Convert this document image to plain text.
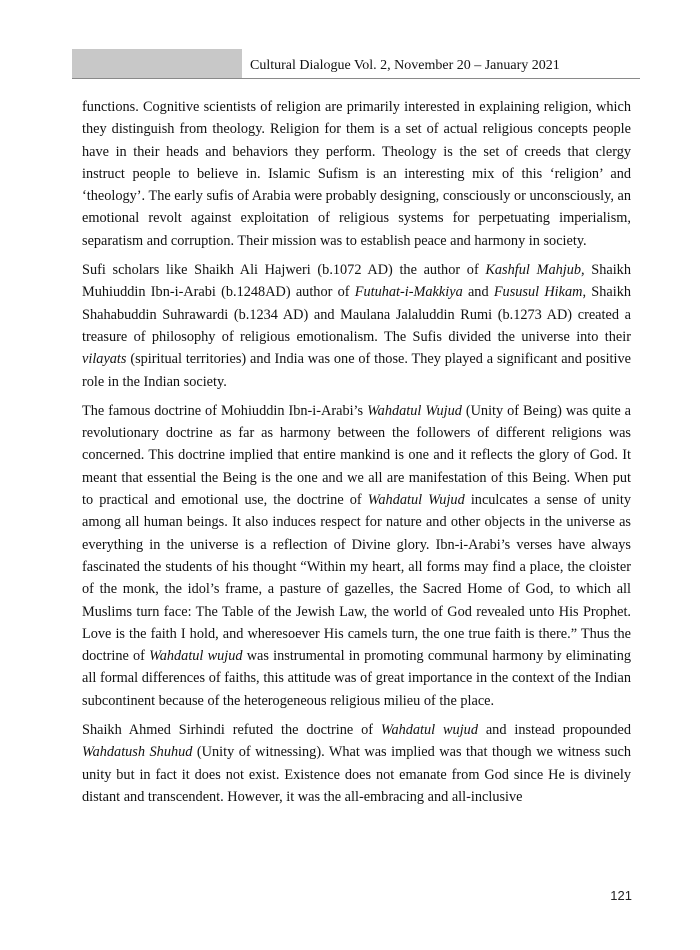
Cultural Dialogue Vol. 2, November 20 – January 2021

functions. Cognitive scientists of religion are primarily interested in explaining religion, which they distinguish from theology. Religion for them is a set of actual religious concepts people have in their heads and behaviors they perform. Theology is the set of creeds that clergy instruct people to believe in. Islamic Sufism is an interesting mix of this ‘religion’ and ‘theology’. The early sufis of Arabia were probably designing, consciously or unconsciously, an emotional revolt against exploitation of religious systems for perpetuating imperialism, separatism and corruption. Their mission was to establish peace and harmony in society.

Sufi scholars like Shaikh Ali Hajweri (b.1072 AD) the author of Kashful Mahjub, Shaikh Muhiuddin Ibn-i-Arabi (b.1248AD) author of Futuhat-i-Makkiya and Fususul Hikam, Shaikh Shahabuddin Suhrawardi (b.1234 AD) and Maulana Jalaluddin Rumi (b.1273 AD) created a treasure of philosophy of religious emotionalism. The Sufis divided the universe into their vilayats (spiritual territories) and India was one of those. They played a significant and positive role in the Indian society.

The famous doctrine of Mohiuddin Ibn-i-Arabi’s Wahdatul Wujud (Unity of Being) was quite a revolutionary doctrine as far as harmony between the followers of different religions was concerned. This doctrine implied that entire mankind is one and it reflects the glory of God. It meant that essential the Being is the one and we all are manifestation of this Being. When put to practical and emotional use, the doctrine of Wahdatul Wujud inculcates a sense of unity among all human beings. It also induces respect for nature and other objects in the universe as everything in the universe is a reflection of Divine glory. Ibn-i-Arabi’s verses have always fascinated the students of his thought “Within my heart, all forms may find a place, the cloister of the monk, the idol’s frame, a pasture of gazelles, the Sacred Home of God, to which all Muslims turn face: The Table of the Jewish Law, the world of God revealed unto His Prophet. Love is the faith I hold, and wheresoever His camels turn, the one true faith is there.” Thus the doctrine of Wahdatul wujud was instrumental in promoting communal harmony by eliminating all formal differences of faiths, this attitude was of great importance in the context of the Indian subcontinent because of the heterogeneous religious milieu of the place.

Shaikh Ahmed Sirhindi refuted the doctrine of Wahdatul wujud and instead propounded Wahdatush Shuhud (Unity of witnessing). What was implied was that though we witness such unity but in fact it does not exist. Existence does not emanate from God since He is divinely distant and transcendent. However, it was the all-embracing and all-inclusive

121
